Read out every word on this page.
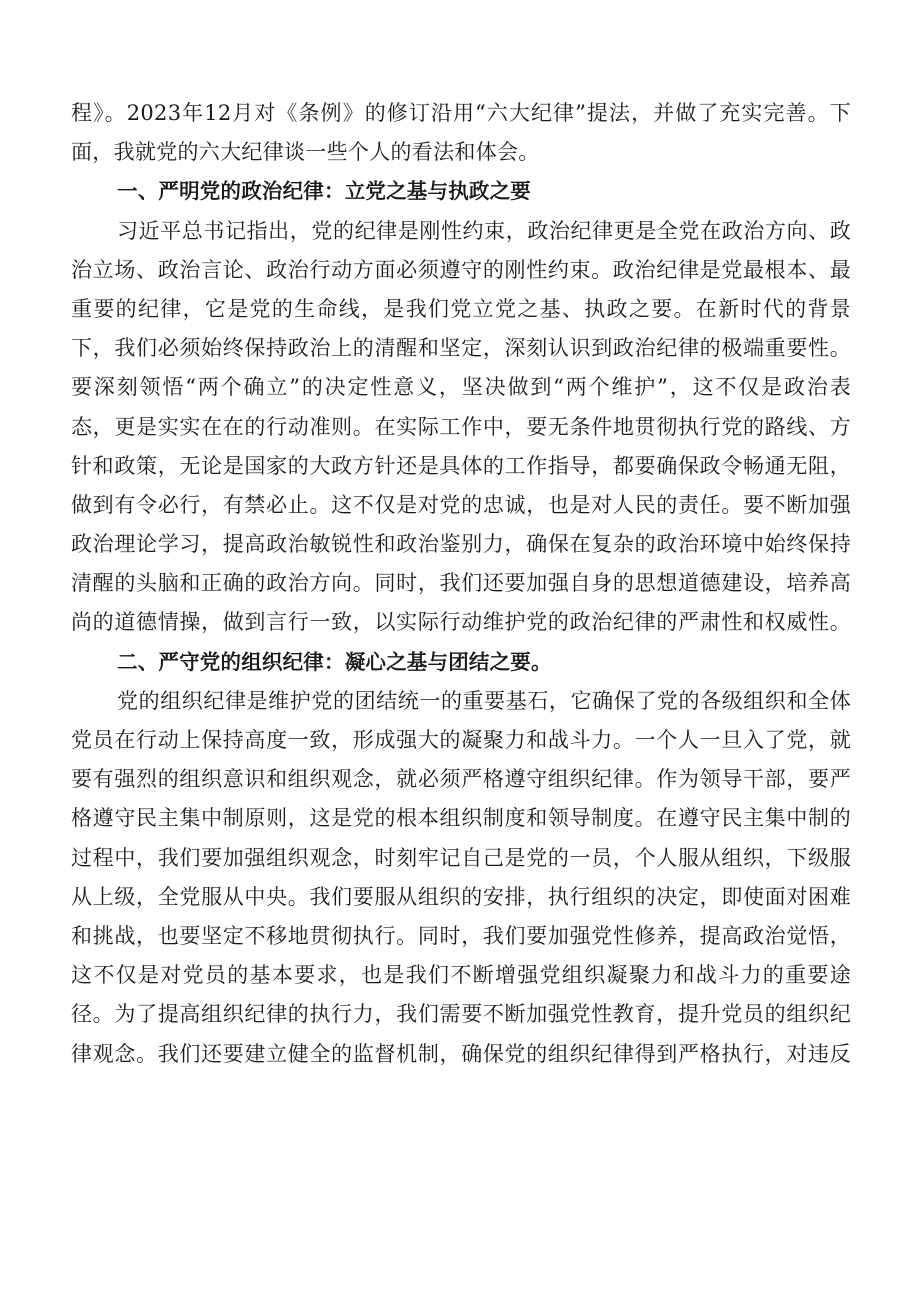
程》。2023年12月对《条例》的修订沿用“六大纪律”提法，并做了充实完善。下
面，我就党的六大纪律谈一些个人的看法和体会。
一、严明党的政治纪律：立党之基与执政之要
习近平总书记指出，党的纪律是刚性约束，政治纪律更是全党在政治方向、政
治立场、政治言论、政治行动方面必须遵守的刚性约束。政治纪律是党最根本、最
重要的纪律，它是党的生命线，是我们党立党之基、执政之要。在新时代的背景
下，我们必须始终保持政治上的清醒和坚定，深刻认识到政治纪律的极端重要性。
要深刻领悟“两个确立”的决定性意义，坚决做到“两个维护”，这不仅是政治表
态，更是实实在在的行动准则。在实际工作中，要无条件地贯彻执行党的路线、方
针和政策，无论是国家的大政方针还是具体的工作指导，都要确保政令畅通无阻，
做到有令必行，有禁必止。这不仅是对党的忠诚，也是对人民的责任。要不断加强
政治理论学习，提高政治敏锐性和政治鉴别力，确保在复杂的政治环境中始终保持
清醒的头脑和正确的政治方向。同时，我们还要加强自身的思想道德建设，培养高
尚的道德情操，做到言行一致，以实际行动维护党的政治纪律的严肃性和权威性。
二、严守党的组织纪律：凝心之基与团结之要。
党的组织纪律是维护党的团结统一的重要基石，它确保了党的各级组织和全体
党员在行动上保持高度一致，形成强大的凝聚力和战斗力。一个人一旦入了党，就
要有强烈的组织意识和组织观念，就必须严格遵守组织纪律。作为领导干部，要严
格遵守民主集中制原则，这是党的根本组织制度和领导制度。在遵守民主集中制的
过程中，我们要加强组织观念，时刻牢记自己是党的一员，个人服从组织，下级服
从上级，全党服从中央。我们要服从组织的安排，执行组织的决定，即使面对困难
和挑战，也要坚定不移地贯彻执行。同时，我们要加强党性修养，提高政治觉悟，
这不仅是对党员的基本要求，也是我们不断增强党组织凝聚力和战斗力的重要途
径。为了提高组织纪律的执行力，我们需要不断加强党性教育，提升党员的组织纪
律观念。我们还要建立健全的监督机制，确保党的组织纪律得到严格执行，对违反
